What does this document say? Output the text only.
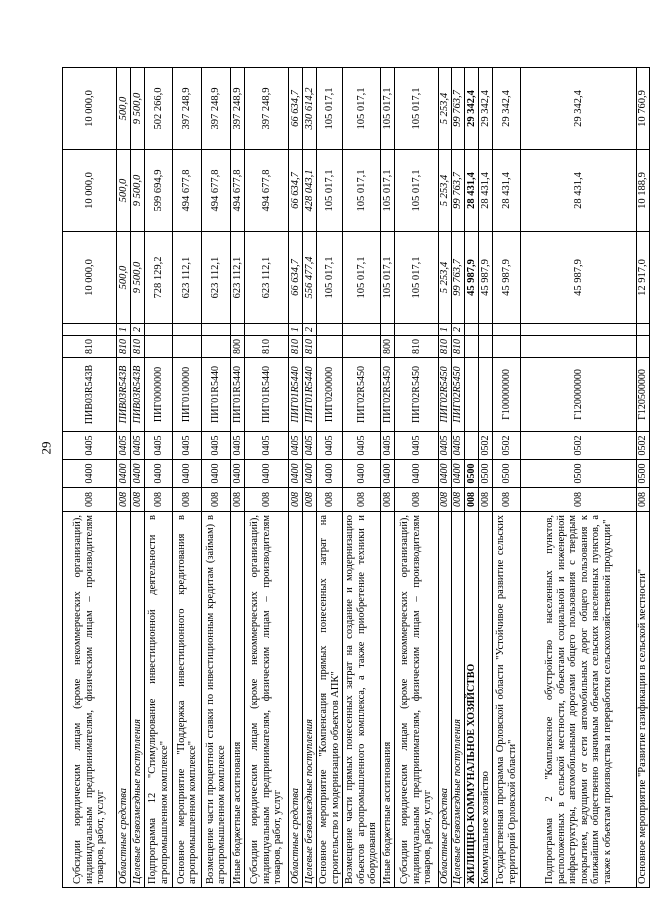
29
Субсидии юридическим лицам (кроме некоммерческих организаций), индивидуальным предпринимателям, физическим лицам – производителям товаров, работ, услуг	008	0400	0405	ПИВ03R543В	810		10 000,0	10 000,0	10 000,0
Областные средства	008	0400	0405	ПИВ03R543В	810	1	500,0	500,0	500,0
Целевые безвозмездные поступления	008	0400	0405	ПИВ03R543В	810	2	9 500,0	9 500,0	9 500,0
Подпрограмма 12 "Стимулирование инвестиционной деятельности в агропромышленном комплексе"	008	0400	0405	ПИГ0000000			728 129,2	599 694,9	502 266,0
Основное мероприятие "Поддержка инвестиционного кредитования в агропромышленном комплексе"	008	0400	0405	ПИГ0100000			623 112,1	494 677,8	397 248,9
Возмещение части процентной ставки по инвестиционным кредитам (займам) в агропромышленном комплексе	008	0400	0405	ПИГ01R5440			623 112,1	494 677,8	397 248,9
Иные бюджетные ассигнования	008	0400	0405	ПИГ01R5440	800		623 112,1	494 677,8	397 248,9
Субсидии юридическим лицам (кроме некоммерческих организаций), индивидуальным предпринимателям, физическим лицам – производителям товаров, работ, услуг	008	0400	0405	ПИГ01R5440	810		623 112,1	494 677,8	397 248,9
Областные средства	008	0400	0405	ПИГ01R5440	810	1	66 634,7	66 634,7	66 634,7
Целевые безвозмездные поступления	008	0400	0405	ПИГ01R5440	810	2	556 477,4	428 043,1	330 614,2
Основное мероприятие "Компенсация прямых понесенных затрат на строительство и модернизацию объектов АПК"	008	0400	0405	ПИГ0200000			105 017,1	105 017,1	105 017,1
Возмещение части прямых понесенных затрат на создание и модернизацию объектов агропромышленного комплекса, а также приобретение техники и оборудования	008	0400	0405	ПИГ02R5450			105 017,1	105 017,1	105 017,1
Иные бюджетные ассигнования	008	0400	0405	ПИГ02R5450	800		105 017,1	105 017,1	105 017,1
Субсидии юридическим лицам (кроме некоммерческих организаций), индивидуальным предпринимателям, физическим лицам – производителям товаров, работ, услуг	008	0400	0405	ПИГ02R5450	810		105 017,1	105 017,1	105 017,1
Областные средства	008	0400	0405	ПИГ02R5450	810	1	5 253,4	5 253,4	5 253,4
Целевые безвозмездные поступления	008	0400	0405	ПИГ02R5450	810	2	99 763,7	99 763,7	99 763,7
ЖИЛИЩНО-КОММУНАЛЬНОЕ ХОЗЯЙСТВО	008	0500					45 987,9	28 431,4	29 342,4
Коммунальное хозяйство	008	0500	0502				45 987,9	28 431,4	29 342,4
Государственная программа Орловской области "Устойчивое развитие сельских территорий Орловской области"	008	0500	0502	Г100000000			45 987,9	28 431,4	29 342,4
Подпрограмма 2 "Комплексное обустройство населенных пунктов, расположенных в сельской местности, объектами социальной и инженерной инфраструктуры, автомобильными дорогами общего пользования с твердым покрытием, ведущими от сети автомобильных дорог общего пользования к ближайшим общественно значимым объектам сельских населенных пунктов, а также к объектам производства и переработки сельскохозяйственной продукции"	008	0500	0502	Г120000000			45 987,9	28 431,4	29 342,4
Основное мероприятие "Развитие газификации в сельской местности"	008	0500	0502	Г120500000			12 917,0	10 188,9	10 760,9
